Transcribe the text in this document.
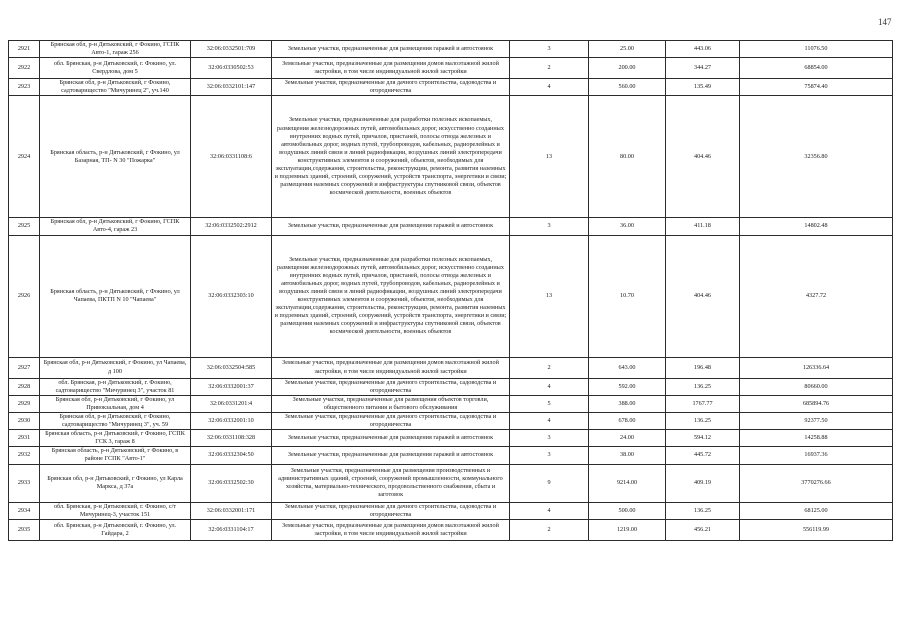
147
2921	Брянская обл, р-н Дятьковский, г Фокино, ГСПК Авто-1, гараж 256	32:06:0332501:709	Земельные участки, предназначенные для размещения гаражей и автостоянок	3	25.00	443.06	11076.50
2922	обл. Брянская, р-н Дятьковский, г. Фокино, ул. Свердлова, дом 5	32:06:0330502:53	Земельные участки, предназначенные для размещения домов малоэтажной жилой застройки, в том числе индивидуальной жилой застройки	2	200.00	344.27	68854.00
2923	Брянская обл, р-н Дятьковский, г Фокино, садтоварищество "Мичуринец 2", уч.140	32:06:0332101:147	Земельные участки, предназначенные для дачного строительства, садоводства и огородничества	4	560.00	135.49	75874.40
2924	Брянская область, р-н Дятьковский, г Фокино, ул Базарная, ТП- N 30 "Пожарка"	32:06:0331108:6	Земельные участки, предназначенные для разработки полезных ископаемых, размещения железнодорожных путей, автомобильных дорог, искусственно созданных внутренних водных путей, причалов, пристаней, полосы отвода железных и автомобильных дорог, водных путей, трубопроводов, кабельных, радиорелейных и воздушных линий связи и линий радиофикации, воздушных линий электропередачи конструктивных элементов и сооружений, объектов, необходимых для эксплуатации,содержания, строительства, реконструкции, ремонта, развития наземных и подземных зданий, строений, сооружений, устройств транспорта, энергетики и связи; размещения наземных сооружений и инфраструктуры спутниковой связи, объектов космической деятельности, военных объектов	13	80.00	404.46	32356.80
2925	Брянская обл, р-н Дятьковский, г Фокино, ГСПК Авто-4, гараж 23	32:06:0332502:2912	Земельные участки, предназначенные для размещения гаражей и автостоянок	3	36.00	411.18	14802.48
2926	Брянская область, р-н Дятьковский, г Фокино, ул Чапаева, ПКТП N 10 "Чапаева"	32:06:0332303:10	Земельные участки, предназначенные для разработки полезных ископаемых, размещения железнодорожных путей, автомобильных дорог, искусственно созданных внутренних водных путей, причалов, пристаней, полосы отвода железных и автомобильных дорог, водных путей, трубопроводов, кабельных, радиорелейных и воздушных линий связи и линий радиофикации, воздушных линий электропередачи конструктивных элементов и сооружений, объектов, необходимых для эксплуатации,содержания, строительства, реконструкции, ремонта, развития наземных и подземных зданий, строений, сооружений, устройств транспорта, энергетики и связи; размещения наземных сооружений и инфраструктуры спутниковой связи, объектов космической деятельности, военных объектов	13	10.70	404.46	4327.72
2927	Брянская обл, р-н Дятьковский, г Фокино, ул Чапаева, д 100	32:06:0332504:585	Земельные участки, предназначенные для размещения домов малоэтажной жилой застройки, в том числе индивидуальной жилой застройки	2	643.00	196.48	126336.64
2928	обл. Брянская, р-н Дятьковский, г. Фокино, садтоварищество "Мичуринец 3", участок 81	32:06:0332001:37	Земельные участки, предназначенные для дачного строительства, садоводства и огородничества	4	592.00	136.25	80660.00
2929	Брянская обл, р-н Дятьковский, г Фокино, ул Привокзальная, дом 4	32:06:0331201:4	Земельные участки, предназначенные для размещения объектов торговли, общественного питания и бытового обслуживания	5	388.00	1767.77	685894.76
2930	Брянская обл, р-н Дятьковский, г Фокино, садтоварищество "Мичуринец 3", уч. 59	32:06:0332001:10	Земельные участки, предназначенные для дачного строительства, садоводства и огородничества	4	678.00	136.25	92377.50
2931	Брянская область, р-н Дятьковский, г Фокино, ГСПК ГСК 3, гараж 8	32:06:0331108:328	Земельные участки, предназначенные для размещения гаражей и автостоянок	3	24.00	594.12	14258.88
2932	Брянская область, р-н Дятьковский, г Фокино, в районе ГСПК "Авто-1"	32:06:0332304:50	Земельные участки, предназначенные для размещения гаражей и автостоянок	3	38.00	445.72	16937.36
2933	Брянская обл, р-н Дятьковский, г Фокино, ул Карла Маркса, д 37а	32:06:0332502:30	Земельные участки, предназначенные для размещения производственных и административных зданий, строений, сооружений промышленности, коммунального хозяйства, материально-технического, продовольственного снабжения, сбыта и заготовок	9	9214.00	409.19	3770276.66
2934	обл. Брянская, р-н Дятьковский, г. Фокино, с/т Мичуринец-3, участок 151	32:06:0332001:171	Земельные участки, предназначенные для дачного строительства, садоводства и огородничества	4	500.00	136.25	68125.00
2935	обл. Брянская, р-н Дятьковский, г. Фокино, ул. Гайдара, 2	32:06:0331104:17	Земельные участки, предназначенные для размещения домов малоэтажной жилой застройки, в том числе индивидуальной жилой застройки	2	1219.00	456.21	556119.99
